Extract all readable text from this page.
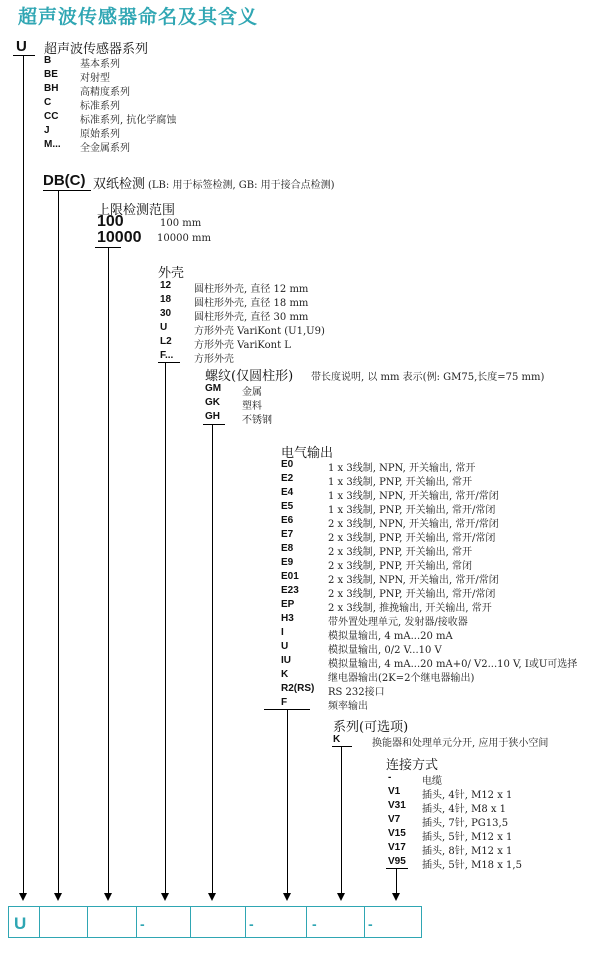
超声波传感器命名及其含义
U 超声波传感器系列
B	基本系列
BE 对射型
BH 高精度系列
C	标准系列
CC 标准系列, 抗化学腐蚀
J	原始系列
M... 全金属系列
DB(C) 双纸检测 (LB: 用于标签检测, GB: 用于接合点检测)
上限检测范围
100	100 mm
10000 10000 mm
外壳
12 圆柱形外壳, 直径 12 mm
18 圆柱形外壳, 直径 18 mm
30 圆柱形外壳, 直径 30 mm
U	方形外壳 VariKont (U1,U9)
L2 方形外壳 VariKont L
F... 方形外壳
螺纹(仅圆柱形) 带长度说明, 以 mm 表示(例: GM75,长度=75 mm)
GM 金属
GK 塑料
GH 不锈钢
电气输出
E0	1 x 3线制, NPN, 开关输出, 常开
E2	1 x 3线制, PNP, 开关输出, 常开
E4	1 x 3线制, NPN, 开关输出, 常开/常闭
E5	1 x 3线制, PNP, 开关输出, 常开/常闭
E6	2 x 3线制, NPN, 开关输出, 常开/常闭
E7	2 x 3线制, PNP, 开关输出, 常开/常闭
E8	2 x 3线制, PNP, 开关输出, 常开
E9	2 x 3线制, PNP, 开关输出, 常闭
E01	2 x 3线制, NPN, 开关输出, 常开/常闭
E23	2 x 3线制, PNP, 开关输出, 常开/常闭
EP	2 x 3线制, 推挽输出, 开关输出, 常开
H3	带外置处理单元, 发射器/接收器
I	模拟量输出, 4 mA...20 mA
U	模拟量输出, 0/2 V...10 V
IU	模拟量输出, 4 mA...20 mA+0/ V2...10 V, I或U可选择
K	继电器输出(2K=2个继电器输出)
R2(RS) RS 232接口
F	频率输出
系列(可选项)
K	换能器和处理单元分开, 应用于狭小空间
连接方式
-	电缆
V1 插头, 4针, M12 x 1
V31 插头, 4针, M8 x 1
V7 插头, 7针, PG13,5
V15 插头, 5针, M12 x 1
V17 插头, 8针, M12 x 1
V95 插头, 5针, M18 x 1,5
U	-	-	-	-
